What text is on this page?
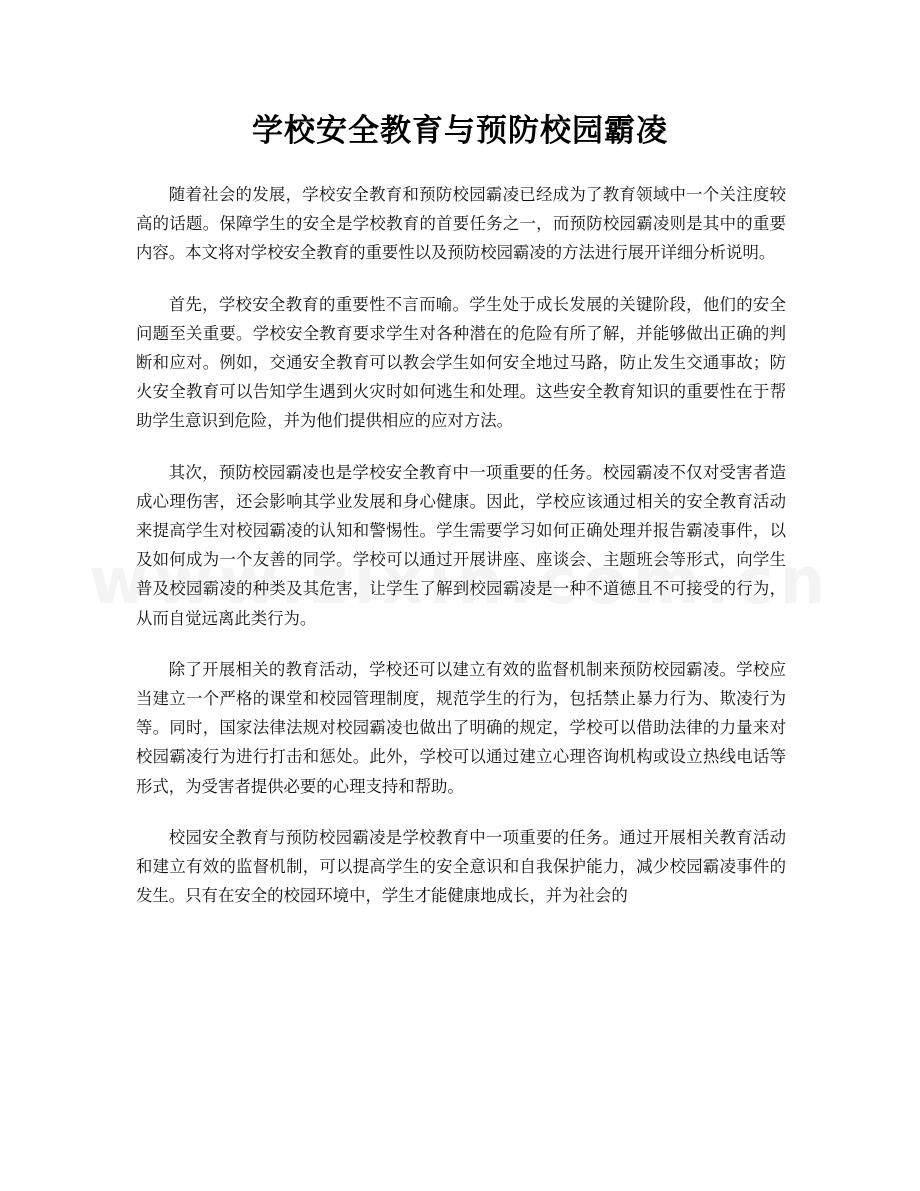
学校安全教育与预防校园霸凌

随着社会的发展，学校安全教育和预防校园霸凌已经成为了教育领域中一个关注度较高的话题。保障学生的安全是学校教育的首要任务之一，而预防校园霸凌则是其中的重要内容。本文将对学校安全教育的重要性以及预防校园霸凌的方法进行展开详细分析说明。

首先，学校安全教育的重要性不言而喻。学生处于成长发展的关键阶段，他们的安全问题至关重要。学校安全教育要求学生对各种潜在的危险有所了解，并能够做出正确的判断和应对。例如，交通安全教育可以教会学生如何安全地过马路，防止发生交通事故；防火安全教育可以告知学生遇到火灾时如何逃生和处理。这些安全教育知识的重要性在于帮助学生意识到危险，并为他们提供相应的应对方法。

其次，预防校园霸凌也是学校安全教育中一项重要的任务。校园霸凌不仅对受害者造成心理伤害，还会影响其学业发展和身心健康。因此，学校应该通过相关的安全教育活动来提高学生对校园霸凌的认知和警惕性。学生需要学习如何正确处理并报告霸凌事件，以及如何成为一个友善的同学。学校可以通过开展讲座、座谈会、主题班会等形式，向学生普及校园霸凌的种类及其危害，让学生了解到校园霸凌是一种不道德且不可接受的行为，从而自觉远离此类行为。

除了开展相关的教育活动，学校还可以建立有效的监督机制来预防校园霸凌。学校应当建立一个严格的课堂和校园管理制度，规范学生的行为，包括禁止暴力行为、欺凌行为等。同时，国家法律法规对校园霸凌也做出了明确的规定，学校可以借助法律的力量来对校园霸凌行为进行打击和惩处。此外，学校可以通过建立心理咨询机构或设立热线电话等形式，为受害者提供必要的心理支持和帮助。

校园安全教育与预防校园霸凌是学校教育中一项重要的任务。通过开展相关教育活动和建立有效的监督机制，可以提高学生的安全意识和自我保护能力，减少校园霸凌事件的发生。只有在安全的校园环境中，学生才能健康地成长，并为社会的
